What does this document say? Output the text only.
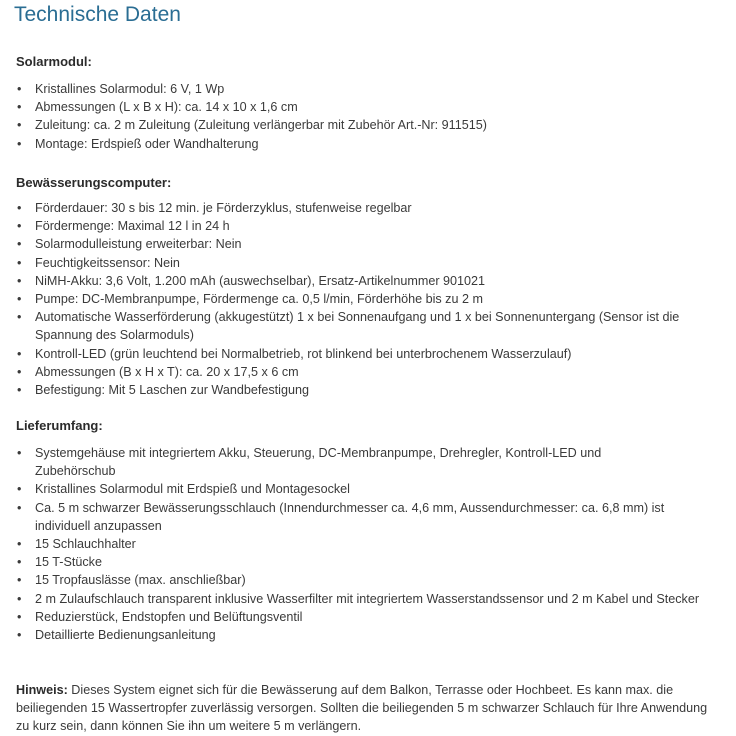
Technische Daten
Solarmodul:
• Kristallines Solarmodul: 6 V, 1 Wp
• Abmessungen (L x B x H): ca. 14 x 10 x 1,6 cm
• Zuleitung: ca. 2 m Zuleitung (Zuleitung verlängerbar mit Zubehör Art.-Nr: 911515)
• Montage: Erdspieß oder Wandhalterung
Bewässerungscomputer:
• Förderdauer: 30 s bis 12 min. je Förderzyklus, stufenweise regelbar
• Fördermenge: Maximal 12 l in 24 h
• Solarmodulleistung erweiterbar: Nein
• Feuchtigkeitssensor: Nein
• NiMH-Akku: 3,6 Volt, 1.200 mAh (auswechselbar), Ersatz-Artikelnummer 901021
• Pumpe: DC-Membranpumpe, Fördermenge ca. 0,5 l/min, Förderhöhe bis zu 2 m
• Automatische Wasserförderung (akkugestützt) 1 x bei Sonnenaufgang und 1 x bei Sonnenuntergang (Sensor ist die Spannung des Solarmoduls)
• Kontroll-LED (grün leuchtend bei Normalbetrieb, rot blinkend bei unterbrochenem Wasserzulauf)
• Abmessungen (B x H x T): ca. 20 x 17,5 x 6 cm
• Befestigung: Mit 5 Laschen zur Wandbefestigung
Lieferumfang:
• Systemgehäuse mit integriertem Akku, Steuerung, DC-Membranpumpe, Drehregler, Kontroll-LED und Zubehörschub
• Kristallines Solarmodul mit Erdspieß und Montagesockel
• Ca. 5 m schwarzer Bewässerungsschlauch (Innendurchmesser ca. 4,6 mm, Aussendurchmesser: ca. 6,8 mm) ist individuell anzupassen
• 15 Schlauchhalter
• 15 T-Stücke
• 15 Tropfauslässe (max. anschließbar)
• 2 m Zulaufschlauch transparent inklusive Wasserfilter mit integriertem Wasserstandssensor und 2 m Kabel und Stecker
• Reduzierstück, Endstopfen und Belüftungsventil
• Detaillierte Bedienungsanleitung

Hinweis: Dieses System eignet sich für die Bewässerung auf dem Balkon, Terrasse oder Hochbeet. Es kann max. die beiliegenden 15 Wassertropfer zuverlässig versorgen. Sollten die beiliegenden 5 m schwarzer Schlauch für Ihre Anwendung zu kurz sein, dann können Sie ihn um weitere 5 m verlängern.
